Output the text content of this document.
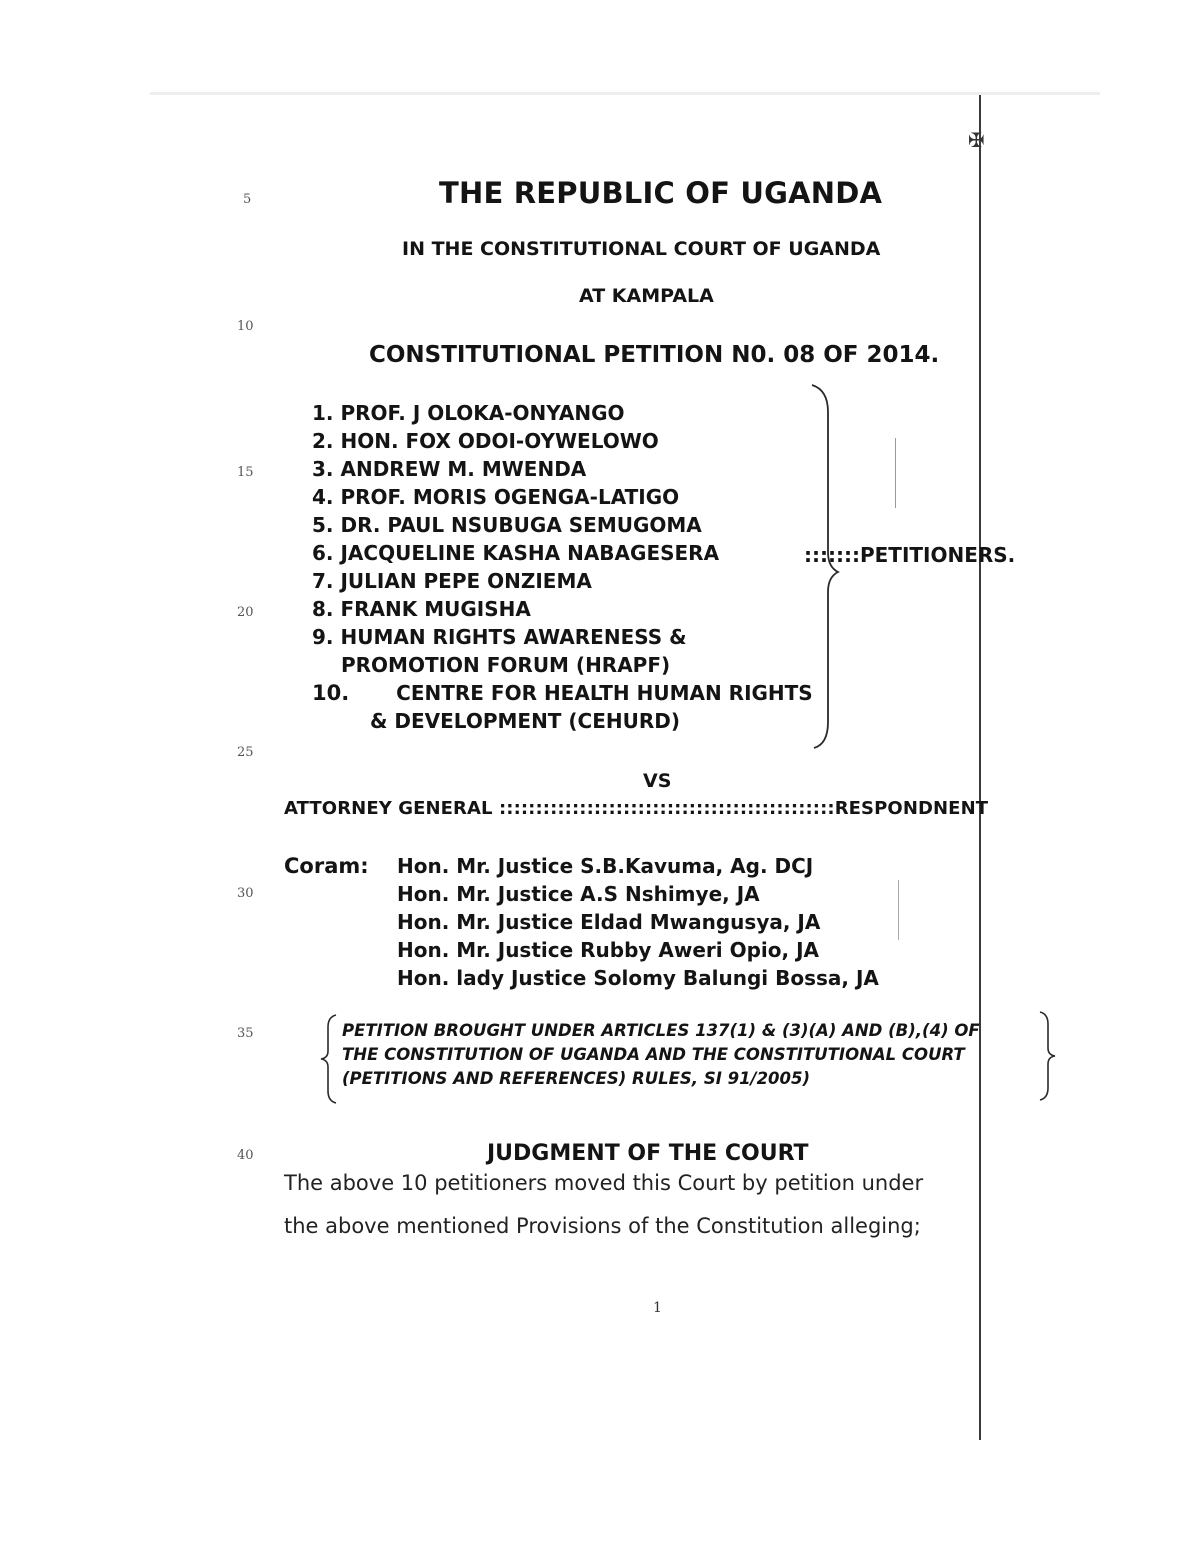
✠
5
10
15
20
25
30
35
40
THE REPUBLIC OF UGANDA
IN THE CONSTITUTIONAL COURT OF UGANDA
AT KAMPALA
CONSTITUTIONAL PETITION N0. 08 OF 2014.
1. PROF. J OLOKA-ONYANGO
2. HON. FOX ODOI-OYWELOWO
3. ANDREW M. MWENDA
4. PROF. MORIS OGENGA-LATIGO
5. DR. PAUL NSUBUGA SEMUGOMA
6. JACQUELINE KASHA NABAGESERA
7. JULIAN PEPE ONZIEMA
8. FRANK MUGISHA
9. HUMAN RIGHTS AWARENESS &
PROMOTION FORUM (HRAPF)
10. CENTRE FOR HEALTH HUMAN RIGHTS
& DEVELOPMENT (CEHURD)
:::::::PETITIONERS.
VS
ATTORNEY GENERAL ::::::::::::::::::::::::::::::::::::::::::::::RESPONDNENT
Coram: Hon. Mr. Justice S.B.Kavuma, Ag. DCJ
Hon. Mr. Justice A.S Nshimye, JA
Hon. Mr. Justice Eldad Mwangusya, JA
Hon. Mr. Justice Rubby Aweri Opio, JA
Hon. lady Justice Solomy Balungi Bossa, JA
PETITION BROUGHT UNDER ARTICLES 137(1) & (3)(A) AND (B),(4) OF
THE CONSTITUTION OF UGANDA AND THE CONSTITUTIONAL COURT
(PETITIONS AND REFERENCES) RULES, SI 91/2005)
JUDGMENT OF THE COURT
The above 10 petitioners moved this Court by petition under
the above mentioned Provisions of the Constitution alleging;
1
